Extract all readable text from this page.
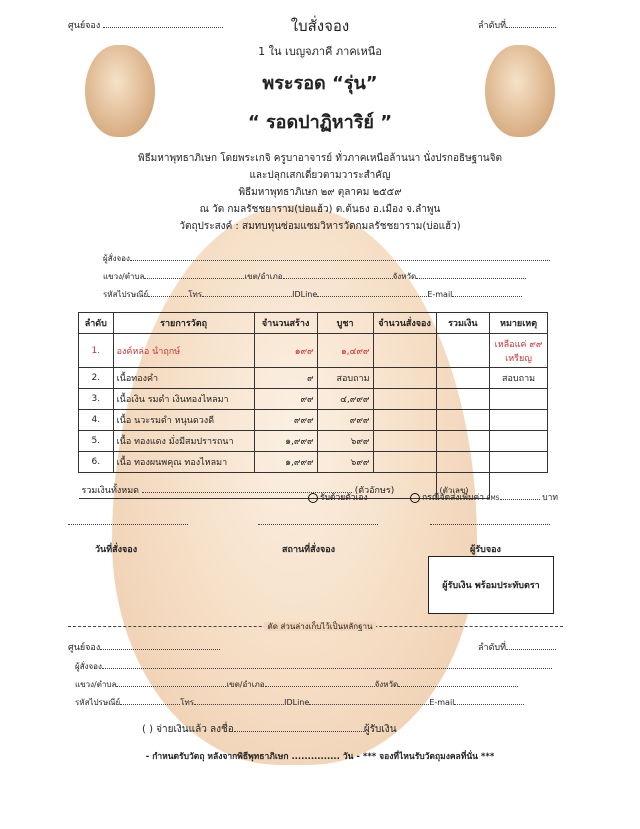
ศูนย์จอง	ลำดับที่
ใบสั่งจอง
1 ใน เบญจภาคี ภาคเหนือ
พระรอด “รุ่น”
“ รอดปาฏิหาริย์ ”
พิธีมหาพุทธาภิเษก โดยพระเกจิ ครูบาอาจารย์ ทั่วภาคเหนือล้านนา นั่งปรกอธิษฐานจิต
และปลุกเสกเดี่ยวตามวาระสำคัญ
พิธีมหาพุทธาภิเษก ๒๙ ตุลาคม ๒๕๕๙
ณ วัด กมลรัชชยาราม(บ่อแฮ้ว) ต.ต้นธง อ.เมือง จ.ลำพูน
วัตถุประสงค์ : สมทบทุนซ่อมแซมวิหารวัดกมลรัชชยาราม(บ่อแฮ้ว)
ผู้สั่งจอง
แขวง/ตำบล	เขต/อำเภอ	จังหวัด
รหัสไปรษณีย์	โทร	IDLine	E-mail
ลำดับ	รายการวัตถุ	จำนวนสร้าง	บูชา	จำนวนสั่งจอง	รวมเงิน	หมายเหตุ
1.	องค์หล่อ นำฤกษ์	๑๙๙	๑,๔๙๙			เหลือแค่ ๙๙ เหรียญ
2.	เนื้อทองคำ	๙	สอบถาม			สอบถาม
3.	เนื้อเงิน รมดำ เงินทองไหลมา	๙๙	๔,๙๙๙			
4.	เนื้อ นวะรมดำ หนุนดวงดี	๙๙๙	๙๙๙			
5.	เนื้อ ทองแดง มั่งมีสมปรารถนา	๑,๙๙๙	๖๙๙			
6.	เนื้อ ทองผนพคุณ ทองไหลมา	๑,๙๙๙	๖๙๙			
รวมเงินทั้งหมด (ตัวอักษร)					(ตัวเลข)	
รับด้วยตัวเอง	กรณีจัดส่งเพิ่มค่า EMS	บาท
วันที่สั่งจอง	สถานที่สั่งจอง	ผู้รับจอง
ผู้รับเงิน พร้อมประทับตรา
ตัด ส่วนล่างเก็บไว้เป็นหลักฐาน
ศูนย์จอง	ลำดับที่
ผู้สั่งจอง
แขวง/ตำบล	เขต/อำเภอ	จังหวัด
รหัสไปรษณีย์	โทร	IDLine	E-mail
( ) จ่ายเงินแล้ว ลงชื่อ	ผู้รับเงิน
- กำหนดรับวัตถุ หลังจากพิธีพุทธาภิเษก ............... วัน - *** จองที่ไหนรับวัตถุมงคลที่นั่น ***
